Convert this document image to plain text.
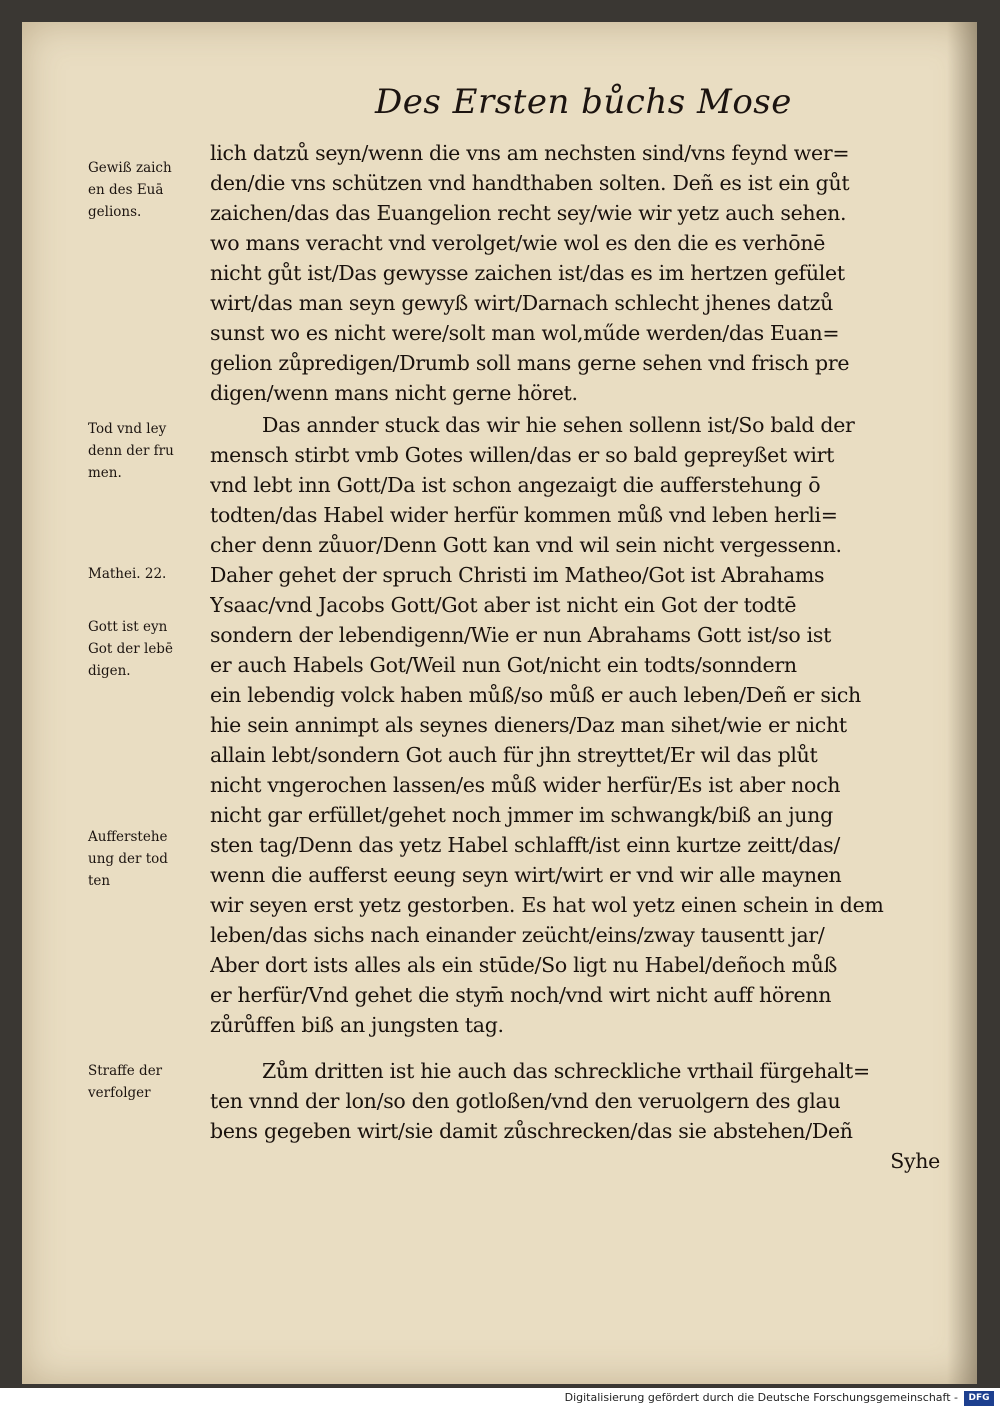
Des Ersten bůchs Mose
Gewiß zaich
en des Euā
gelions.
Tod vnd ley
denn der fru
men.
Mathei. 22.
Gott ist eyn
Got der lebē
digen.
Aufferstehe
ung der tod
ten
Straffe der
verfolger
lich datzů seyn/wenn die vns am nechsten sind/vns feynd wer=
den/die vns schützen vnd handthaben solten. Deñ es ist ein gůt
zaichen/das das Euangelion recht sey/wie wir yetz auch sehen.
wo mans veracht vnd verolget/wie wol es den die es verhōnē
nicht gůt ist/Das gewysse zaichen ist/das es im hertzen gefület
wirt/das man seyn gewyß wirt/Darnach schlecht jhenes datzů
sunst wo es nicht were/solt man wol,műde werden/das Euan=
gelion zůpredigen/Drumb soll mans gerne sehen vnd frisch pre
digen/wenn mans nicht gerne höret.
Das annder stuck das wir hie sehen sollenn ist/So bald der
mensch stirbt vmb Gotes willen/das er so bald gepreyßet wirt
vnd lebt inn Gott/Da ist schon angezaigt die aufferstehung ō
todten/das Habel wider herfür kommen můß vnd leben herli=
cher denn zůuor/Denn Gott kan vnd wil sein nicht vergessenn.
Daher gehet der spruch Christi im Matheo/Got ist Abrahams
Ysaac/vnd Jacobs Gott/Got aber ist nicht ein Got der todtē
sondern der lebendigenn/Wie er nun Abrahams Gott ist/so ist
er auch Habels Got/Weil nun Got/nicht ein todts/sonndern
ein lebendig volck haben můß/so můß er auch leben/Deñ er sich
hie sein annimpt als seynes dieners/Daz man sihet/wie er nicht
allain lebt/sondern Got auch für jhn streyttet/Er wil das plůt
nicht vngerochen lassen/es můß wider herfür/Es ist aber noch
nicht gar erfüllet/gehet noch jmmer im schwangk/biß an jung
sten tag/Denn das yetz Habel schlafft/ist einn kurtze zeitt/das/
wenn die aufferst eeung seyn wirt/wirt er vnd wir alle maynen
wir seyen erst yetz gestorben. Es hat wol yetz einen schein in dem
leben/das sichs nach einander zeücht/eins/zway tausentt jar/
Aber dort ists alles als ein stūde/So ligt nu Habel/deñoch můß
er herfür/Vnd gehet die stym̄ noch/vnd wirt nicht auff hörenn
zůrůffen biß an jungsten tag.
Zům dritten ist hie auch das schreckliche vrthail fürgehalt=
ten vnnd der lon/so den gotloßen/vnd den veruolgern des glau
bens gegeben wirt/sie damit zůschrecken/das sie abstehen/Deñ
Syhe
Digitalisierung gefördert durch die Deutsche Forschungsgemeinschaft -	DFG
